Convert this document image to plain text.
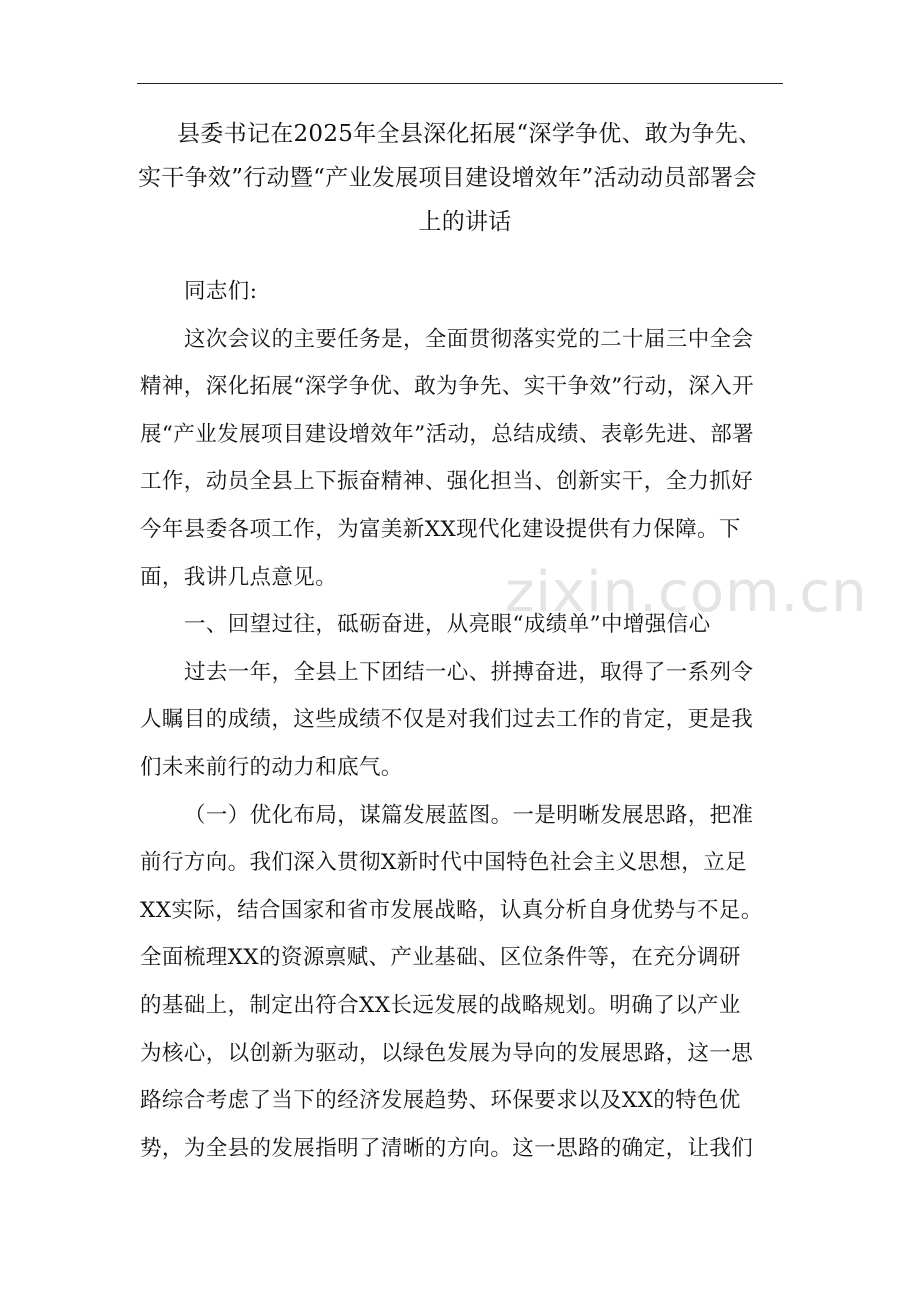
zixin.com.cn
县委书记在2025年全县深化拓展“深学争优、敢为争先、
实干争效”行动暨“产业发展项目建设增效年”活动动员部署会
上的讲话
同志们:
这次会议的主要任务是，全面贯彻落实党的二十届三中全会
精神，深化拓展“深学争优、敢为争先、实干争效”行动，深入开
展“产业发展项目建设增效年”活动，总结成绩、表彰先进、部署
工作，动员全县上下振奋精神、强化担当、创新实干，全力抓好
今年县委各项工作，为富美新XX现代化建设提供有力保障。下
面，我讲几点意见。
一、回望过往，砥砺奋进，从亮眼“成绩单”中增强信心
过去一年，全县上下团结一心、拼搏奋进，取得了一系列令
人瞩目的成绩，这些成绩不仅是对我们过去工作的肯定，更是我
们未来前行的动力和底气。
（一）优化布局，谋篇发展蓝图。一是明晰发展思路，把准
前行方向。我们深入贯彻X新时代中国特色社会主义思想，立足
XX实际，结合国家和省市发展战略，认真分析自身优势与不足。
全面梳理XX的资源禀赋、产业基础、区位条件等，在充分调研
的基础上，制定出符合XX长远发展的战略规划。明确了以产业
为核心，以创新为驱动，以绿色发展为导向的发展思路，这一思
路综合考虑了当下的经济发展趋势、环保要求以及XX的特色优
势，为全县的发展指明了清晰的方向。这一思路的确定，让我们
